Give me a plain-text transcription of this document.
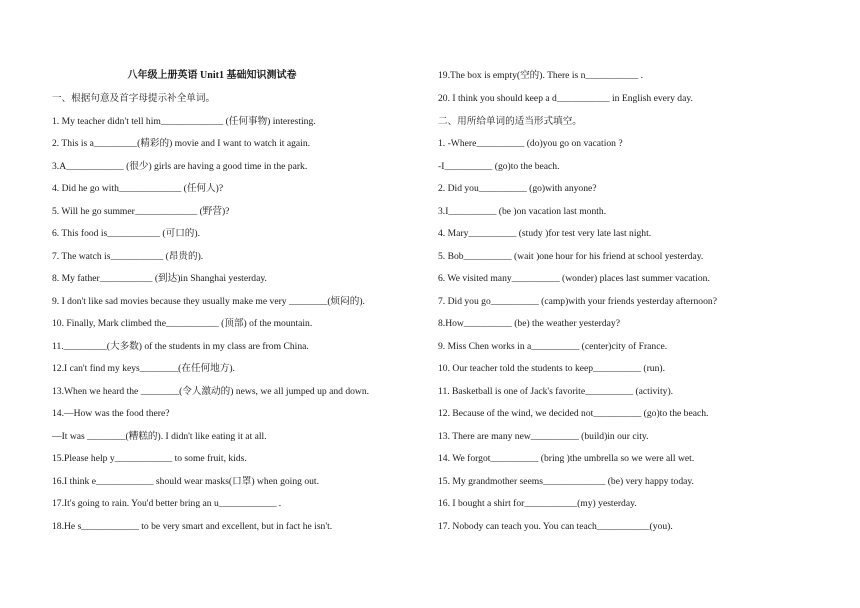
八年级上册英语 Unit1 基础知识测试卷
一、根据句意及首字母提示补全单词。
1. My teacher didn't tell him_____________ (任何事物) interesting.
2. This is a_________(精彩的) movie and I want to watch it again.
3.A____________ (很少) girls are having a good time in the park.
4. Did he go with_____________ (任何人)?
5. Will he go summer_____________ (野营)?
6. This food is___________ (可口的).
7. The watch is___________ (昂贵的).
8. My father___________ (到达)in Shanghai yesterday.
9. I don't like sad movies because they usually make me very ________(烦闷的).
10. Finally, Mark climbed the___________ (顶部) of the mountain.
11._________(大多数) of the students in my class are from China.
12.I can't find my keys________(在任何地方).
13.When we heard the ________(令人激动的) news, we all jumped up and down.
14.—How was the food there?
—It was ________(糟糕的). I didn't like eating it at all.
15.Please help y____________ to some fruit, kids.
16.I think e____________ should wear masks(口罩) when going out.
17.It's going to rain. You'd better bring an u____________ .
18.He s____________ to be very smart and excellent, but in fact he isn't.
19.The box is empty(空的). There is n___________ .
20. I think you should keep a d___________ in English every day.
二、用所给单词的适当形式填空。
1. -Where__________ (do)you go on vacation ?
-I__________ (go)to the beach.
2. Did you__________ (go)with anyone?
3.I__________ (be )on vacation last month.
4. Mary__________ (study )for test very late last night.
5. Bob__________ (wait )one hour for his friend at school yesterday.
6. We visited many__________ (wonder) places last summer vacation.
7. Did you go__________ (camp)with your friends yesterday afternoon?
8.How__________ (be) the weather yesterday?
9. Miss Chen works in a__________ (center)city of France.
10. Our teacher told the students to keep__________ (run).
11. Basketball is one of Jack's favorite__________ (activity).
12. Because of the wind, we decided not__________ (go)to the beach.
13. There are many new__________ (build)in our city.
14. We forgot__________ (bring )the umbrella so we were all wet.
15. My grandmother seems_____________ (be) very happy today.
16. I bought a shirt for___________(my) yesterday.
17. Nobody can teach you. You can teach___________(you).
